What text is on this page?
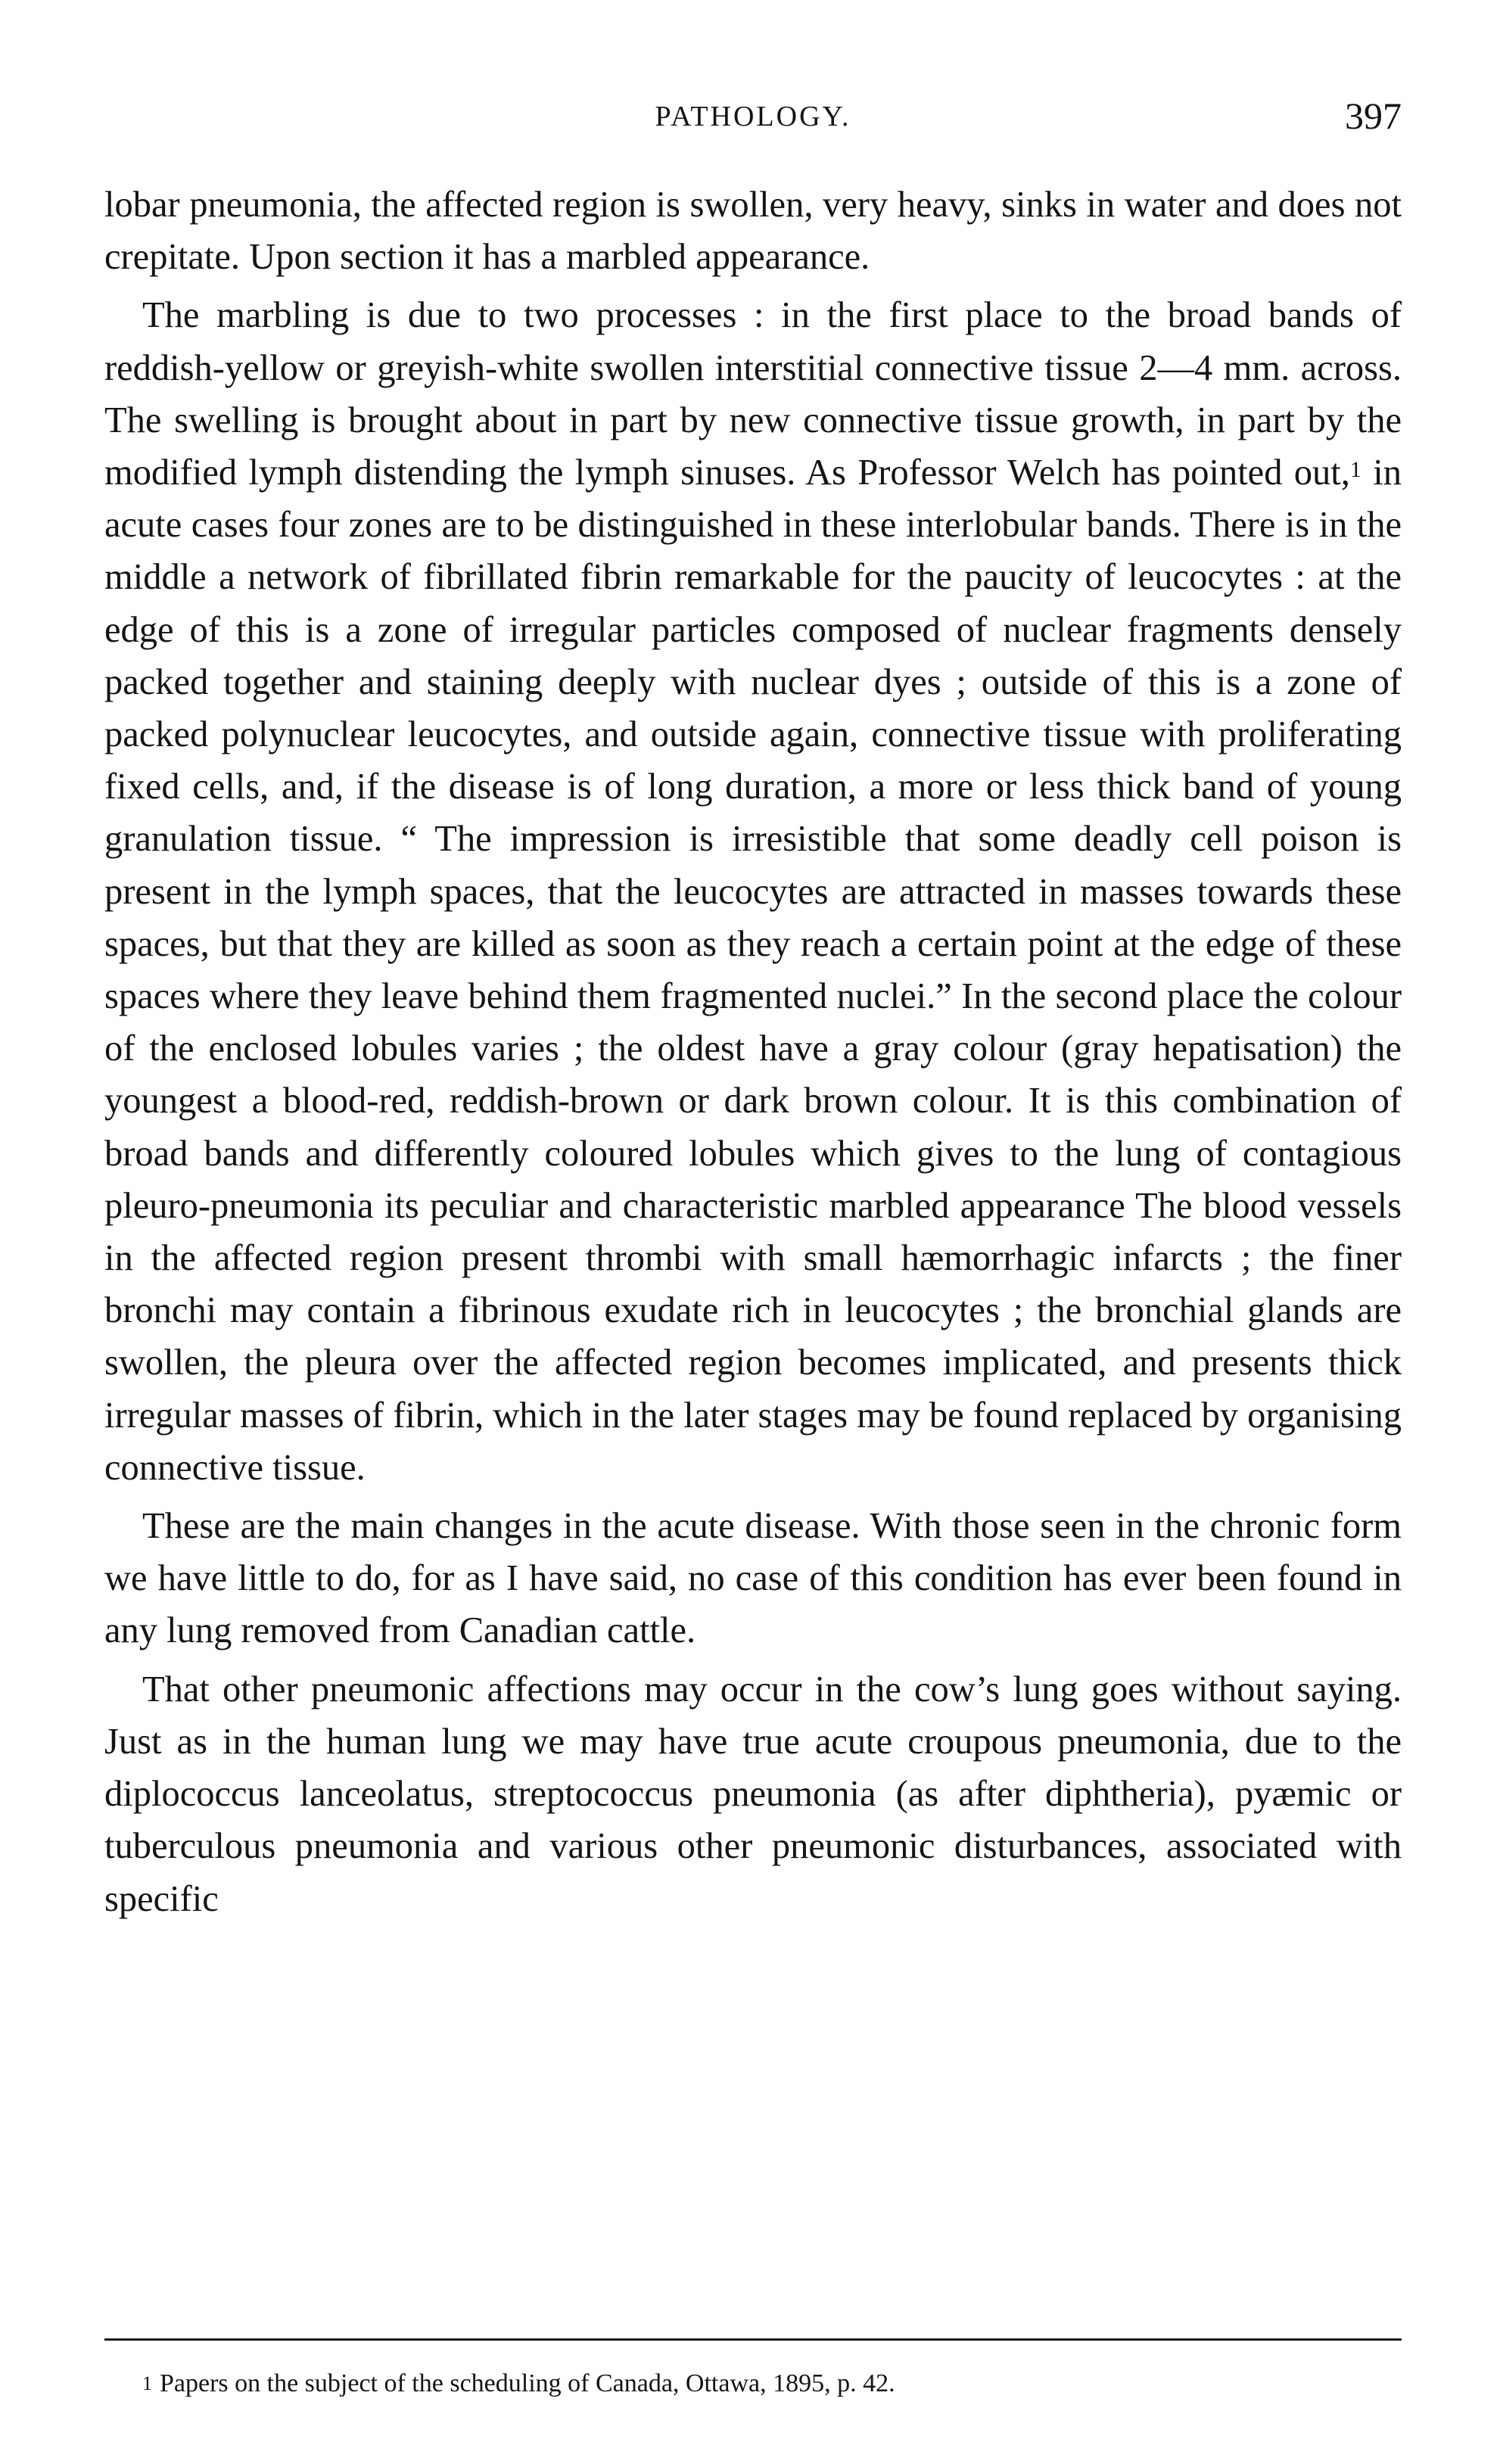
PATHOLOGY.	397

lobar pneumonia, the affected region is swollen, very heavy, sinks in water and does not crepitate. Upon section it has a marbled appearance.

The marbling is due to two processes : in the first place to the broad bands of reddish-yellow or greyish-white swollen interstitial connective tissue 2—4 mm. across. The swelling is brought about in part by new connective tissue growth, in part by the modified lymph distending the lymph sinuses. As Professor Welch has pointed out,$^1$ in acute cases four zones are to be distinguished in these interlobular bands. There is in the middle a network of fibrillated fibrin remarkable for the paucity of leucocytes : at the edge of this is a zone of irregular particles composed of nuclear fragments densely packed together and staining deeply with nuclear dyes ; outside of this is a zone of packed polynuclear leucocytes, and outside again, connective tissue with proliferating fixed cells, and, if the disease is of long duration, a more or less thick band of young granulation tissue. “ The impression is irresistible that some deadly cell poison is present in the lymph spaces, that the leucocytes are attracted in masses towards these spaces, but that they are killed as soon as they reach a certain point at the edge of these spaces where they leave behind them fragmented nuclei.” In the second place the colour of the enclosed lobules varies ; the oldest have a gray colour (gray hepatisation) the youngest a blood-red, reddish-brown or dark brown colour. It is this combination of broad bands and differently coloured lobules which gives to the lung of contagious pleuro-pneumonia its peculiar and characteristic marbled appearance The blood vessels in the affected region present thrombi with small hæmorrhagic infarcts ; the finer bronchi may contain a fibrinous exudate rich in leucocytes ; the bronchial glands are swollen, the pleura over the affected region becomes implicated, and presents thick irregular masses of fibrin, which in the later stages may be found replaced by organising connective tissue.

These are the main changes in the acute disease. With those seen in the chronic form we have little to do, for as I have said, no case of this condition has ever been found in any lung removed from Canadian cattle.

That other pneumonic affections may occur in the cow’s lung goes without saying. Just as in the human lung we may have true acute croupous pneumonia, due to the diplococcus lanceolatus, streptococcus pneumonia (as after diphtheria), pyæmic or tuberculous pneumonia and various other pneumonic disturbances, associated with specific

$^1$ Papers on the subject of the scheduling of Canada, Ottawa, 1895, p. 42.
